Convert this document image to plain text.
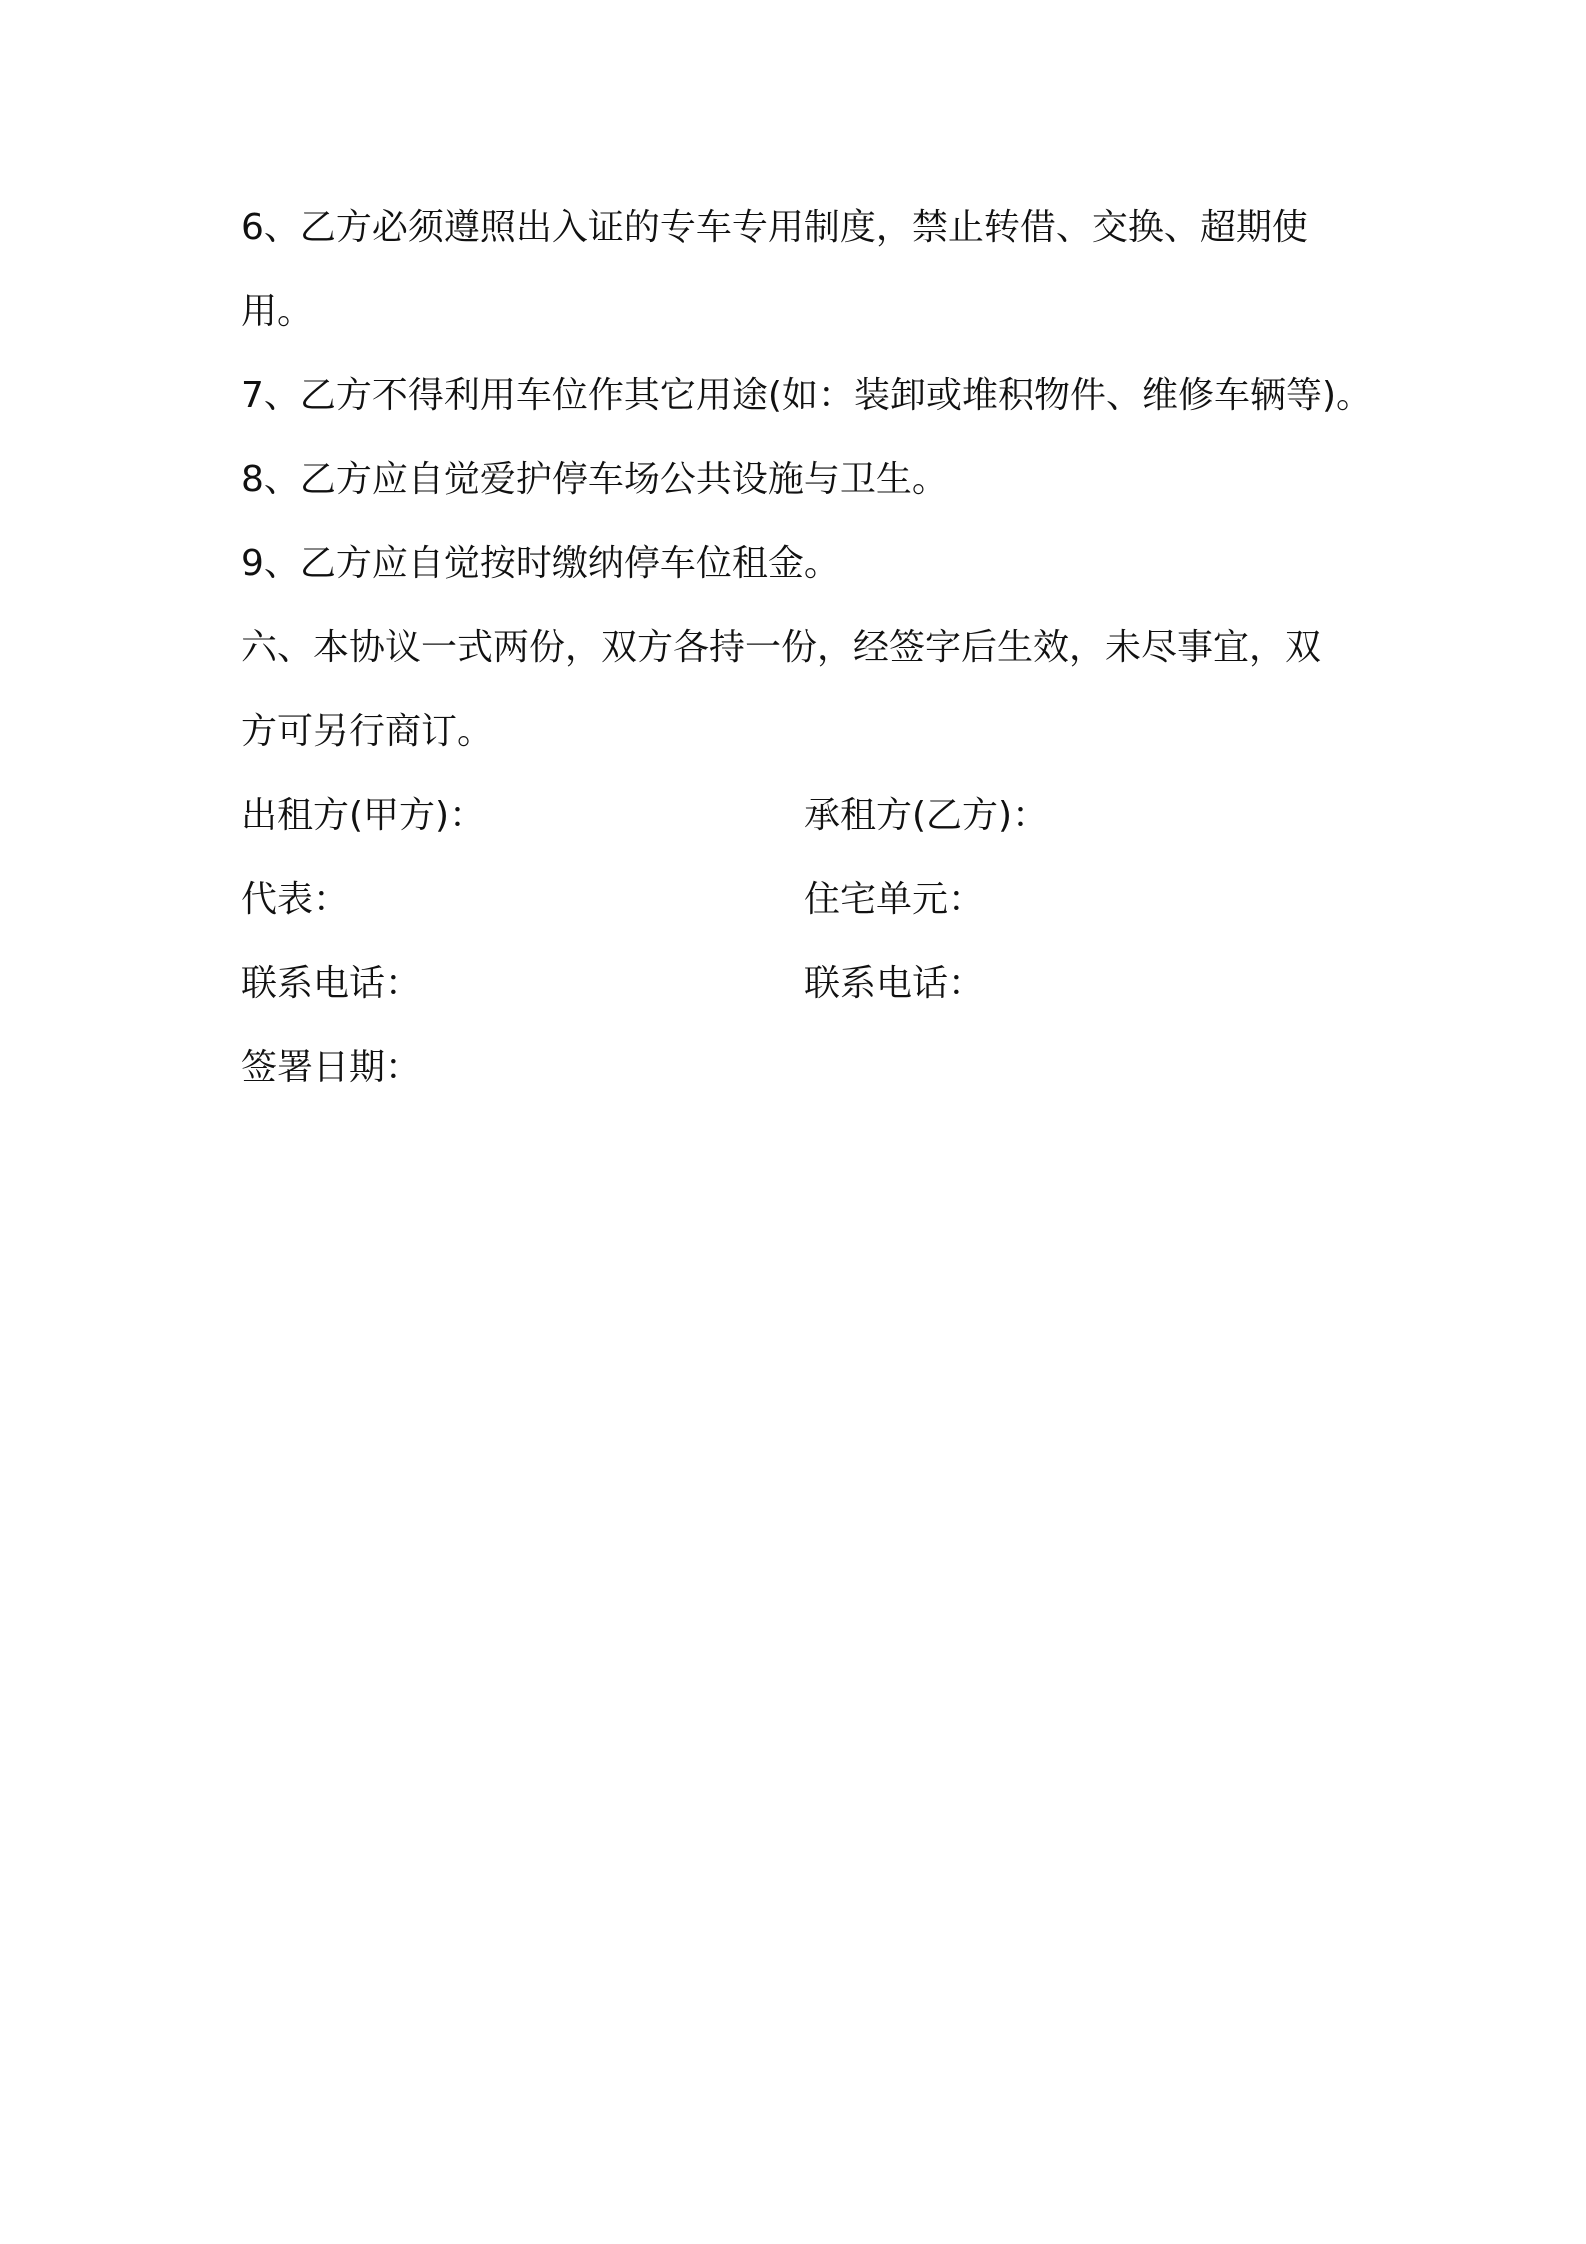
6、乙方必须遵照出入证的专车专用制度，禁止转借、交换、超期使
用。
7、乙方不得利用车位作其它用途(如：装卸或堆积物件、维修车辆等)。
8、乙方应自觉爱护停车场公共设施与卫生。
9、乙方应自觉按时缴纳停车位租金。
六、本协议一式两份，双方各持一份，经签字后生效，未尽事宜，双
方可另行商订。
出租方(甲方)：	承租方(乙方)：
代表：	住宅单元：
联系电话：	联系电话：
签署日期：
